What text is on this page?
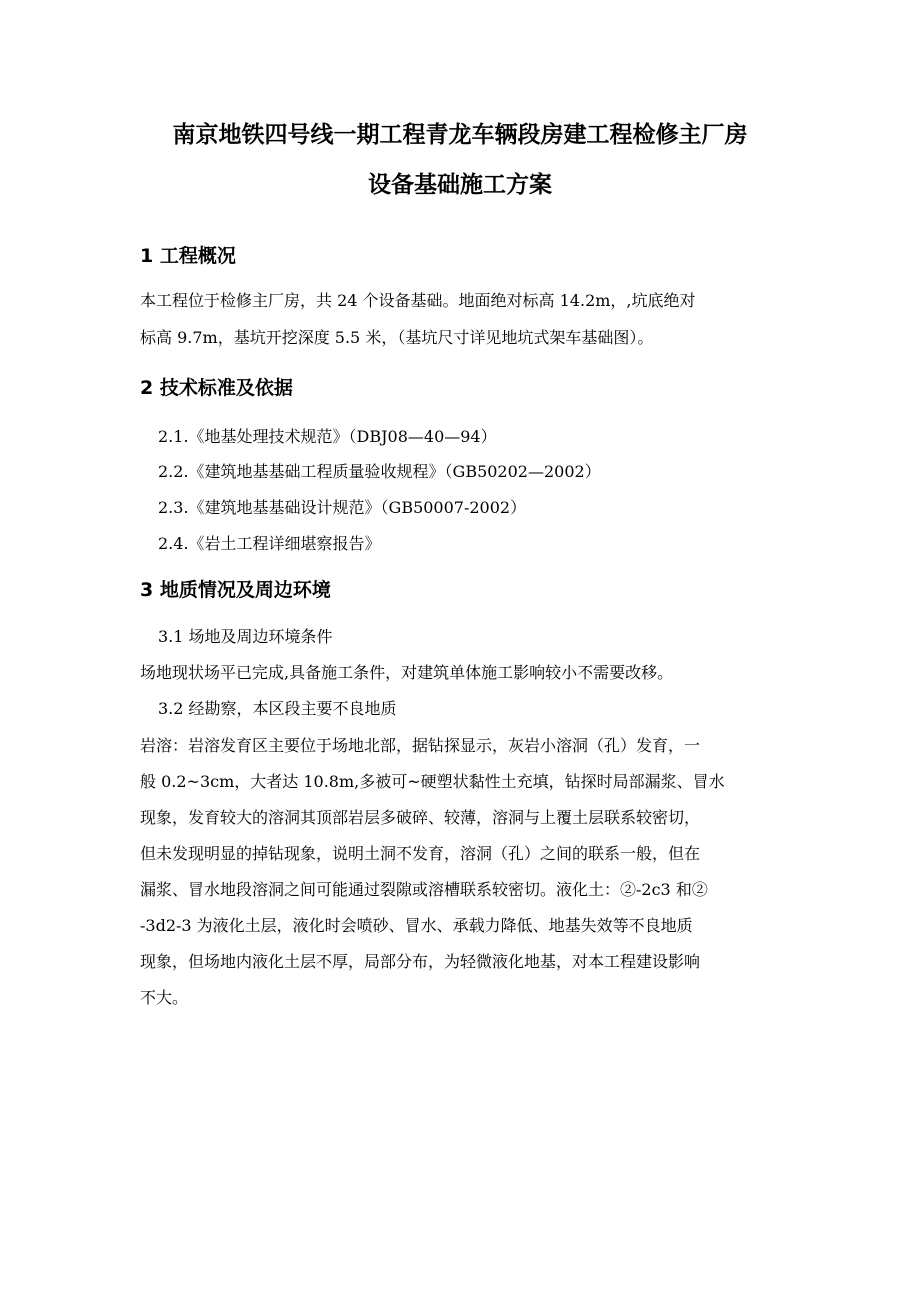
南京地铁四号线一期工程青龙车辆段房建工程检修主厂房
设备基础施工方案
1 工程概况
本工程位于检修主厂房，共 24 个设备基础。地面绝对标高 14.2m，,坑底绝对
标高 9.7m，基坑开挖深度 5.5 米，（基坑尺寸详见地坑式架车基础图）。
2 技术标准及依据
2.1.《地基处理技术规范》（DBJ08—40—94）
2.2.《建筑地基基础工程质量验收规程》（GB50202—2002）
2.3.《建筑地基基础设计规范》（GB50007-2002）
2.4.《岩土工程详细堪察报告》
3 地质情况及周边环境
3.1 场地及周边环境条件
场地现状场平已完成,具备施工条件，对建筑单体施工影响较小不需要改移。
3.2 经勘察，本区段主要不良地质
岩溶：岩溶发育区主要位于场地北部，据钻探显示，灰岩小溶洞（孔）发育，一
般 0.2~3cm，大者达 10.8m,多被可~硬塑状黏性土充填，钻探时局部漏浆、冒水
现象，发育较大的溶洞其顶部岩层多破碎、较薄，溶洞与上覆土层联系较密切，
但未发现明显的掉钻现象，说明土洞不发育，溶洞（孔）之间的联系一般，但在
漏浆、冒水地段溶洞之间可能通过裂隙或溶槽联系较密切。液化土：②-2c3 和②
-3d2-3 为液化土层，液化时会喷砂、冒水、承载力降低、地基失效等不良地质
现象，但场地内液化土层不厚，局部分布，为轻微液化地基，对本工程建设影响
不大。
